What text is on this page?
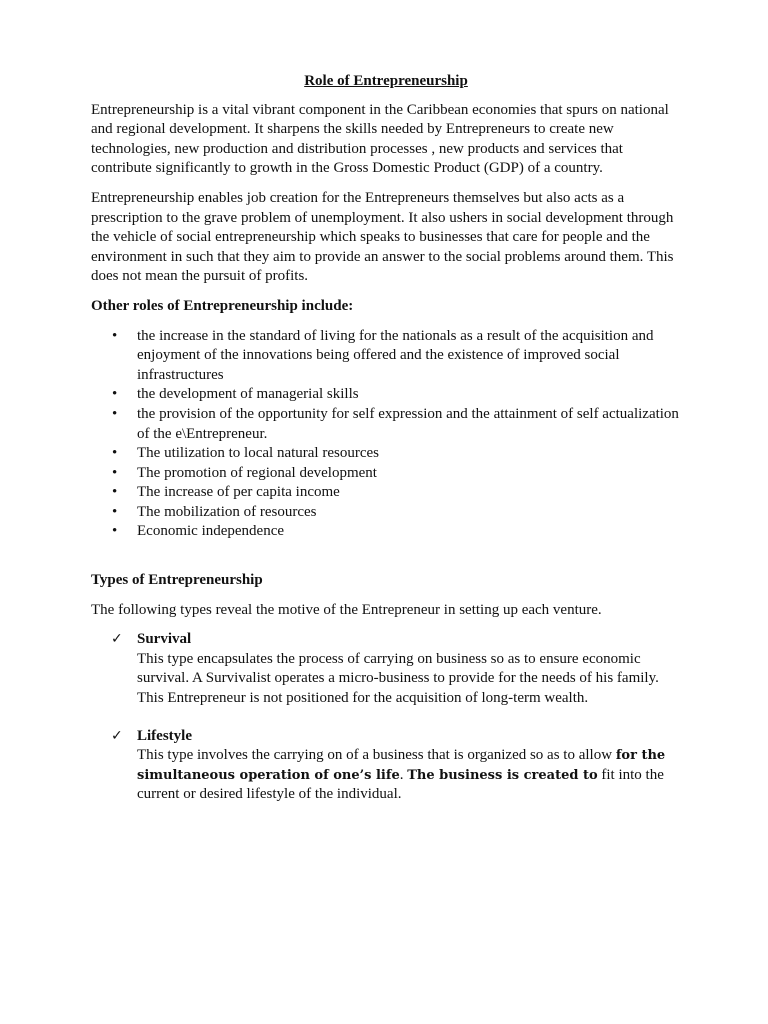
Role of Entrepreneurship

Entrepreneurship is a vital vibrant component in the Caribbean economies that spurs on national and regional development. It sharpens the skills needed by Entrepreneurs to create new technologies, new production and distribution processes , new products and services that contribute significantly to growth in the Gross Domestic Product (GDP) of a country.

Entrepreneurship enables job creation for the Entrepreneurs themselves but also acts as a prescription to the grave problem of unemployment. It also ushers in social development through the vehicle of social entrepreneurship which speaks to businesses that care for people and the environment in such that they aim to provide an answer to the social problems around them. This does not mean the pursuit of profits.

Other roles of Entrepreneurship include:
• the increase in the standard of living for the nationals as a result of the acquisition and enjoyment of the innovations being offered and the existence of improved social infrastructures
• the development of managerial skills
• the provision of the opportunity for self expression and the attainment of self actualization of the e\Entrepreneur.
• The utilization to local natural resources
• The promotion of regional development
• The increase of per capita income
• The mobilization of resources
• Economic independence
Types of Entrepreneurship

The following types reveal the motive of the Entrepreneur in setting up each venture.

✓ Survival
This type encapsulates the process of carrying on business so as to ensure economic survival. A Survivalist operates a micro-business to provide for the needs of his family. This Entrepreneur is not positioned for the acquisition of long-term wealth.
✓ Lifestyle
This type involves the carrying on of a business that is organized so as to allow for the simultaneous operation of one’s life. The business is created to fit into the current or desired lifestyle of the individual.
